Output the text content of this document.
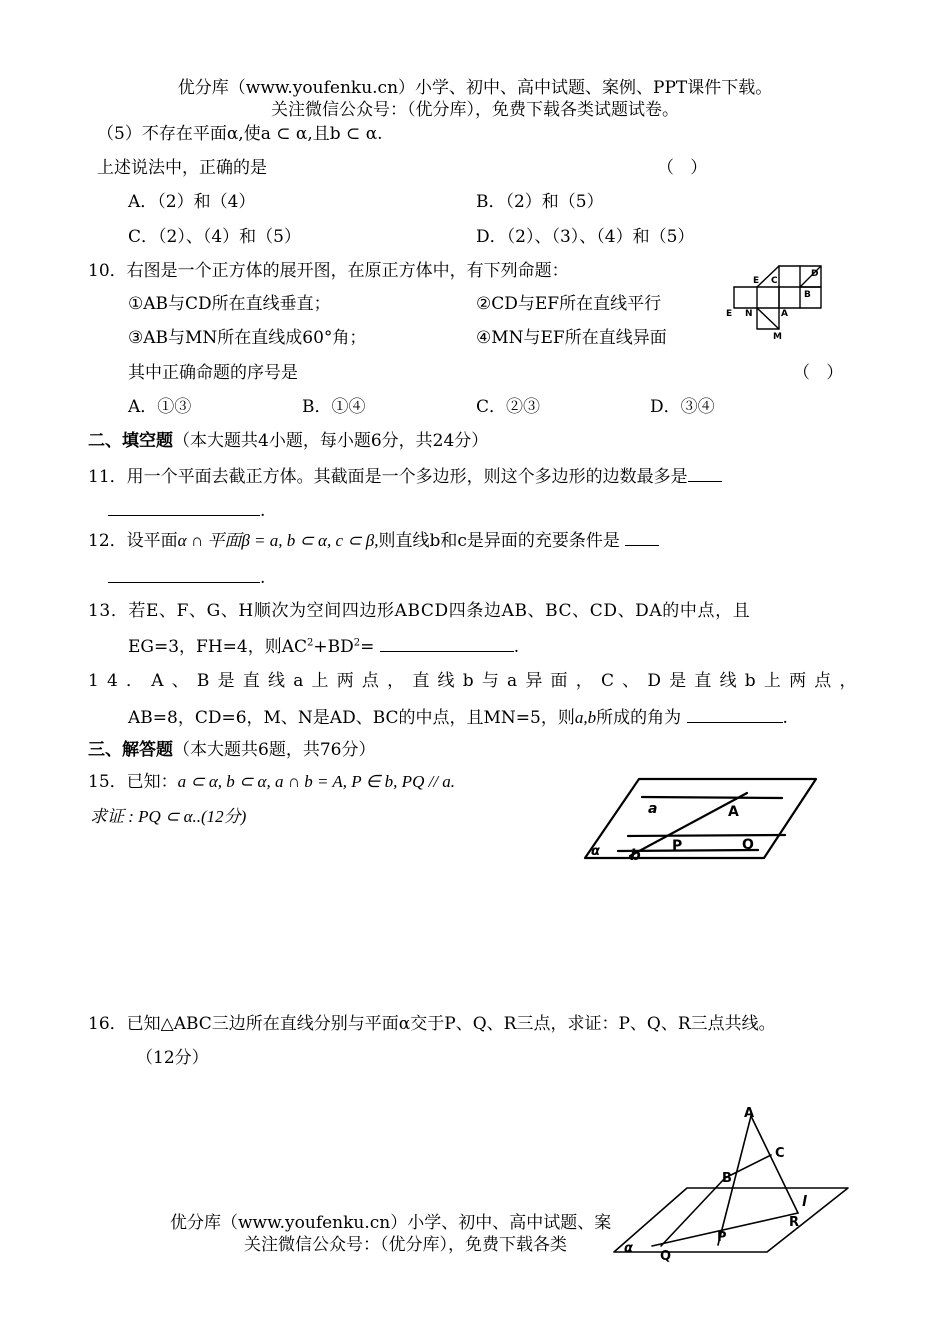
优分库（www.youfenku.cn）小学、初中、高中试题、案例、PPT课件下载。
关注微信公众号：（优分库），免费下载各类试题试卷。
（5）不存在平面α,使a ⊂ α,且b ⊂ α.
上述说法中，正确的是	（   ）
A．（2）和（4）	B．（2）和（5）
C．（2）、（4）和（5）	D．（2）、（3）、（4）和（5）
10．右图是一个正方体的展开图，在原正方体中，有下列命题：
①AB与CD所在直线垂直；	②CD与EF所在直线平行
③AB与MN所在直线成60°角；	④MN与EF所在直线异面
其中正确命题的序号是	（   ）
A．①③	B．①④	C．②③	D．③④
E C
D
B
E N	A
M
二、填空题（本大题共4小题，每小题6分，共24分）
11．用一个平面去截正方体。其截面是一个多边形，则这个多边形的边数最多是
.
12．设平面α ∩ 平面β = a, b ⊂ α, c ⊂ β,则直线b和c是异面的充要条件是
.
13．若E、F、G、H顺次为空间四边形ABCD四条边AB、BC、CD、DA的中点，且
EG=3，FH=4，则$AC^2+BD^2=$	.
14．A、B是直线a上两点，直线b与a异面，C、D是直线b上两点，
AB=8，CD=6，M、N是AD、BC的中点，且MN=5，则a,b所成的角为	.
三、解答题（本大题共6题，共76分）
15．已知：a ⊂ α, b ⊂ α, a ∩ b = A, P ∈ b, PQ // a.
求证 : PQ ⊂ α..(12分)	a	A
α b P	Q
16．已知△ABC三边所在直线分别与平面α交于P、Q、R三点，求证：P、Q、R三点共线。
（12分）
A
C
B
l
R
α
Q
P
优分库（www.youfenku.cn）小学、初中、高中试题、案
关注微信公众号：（优分库），免费下载各类
